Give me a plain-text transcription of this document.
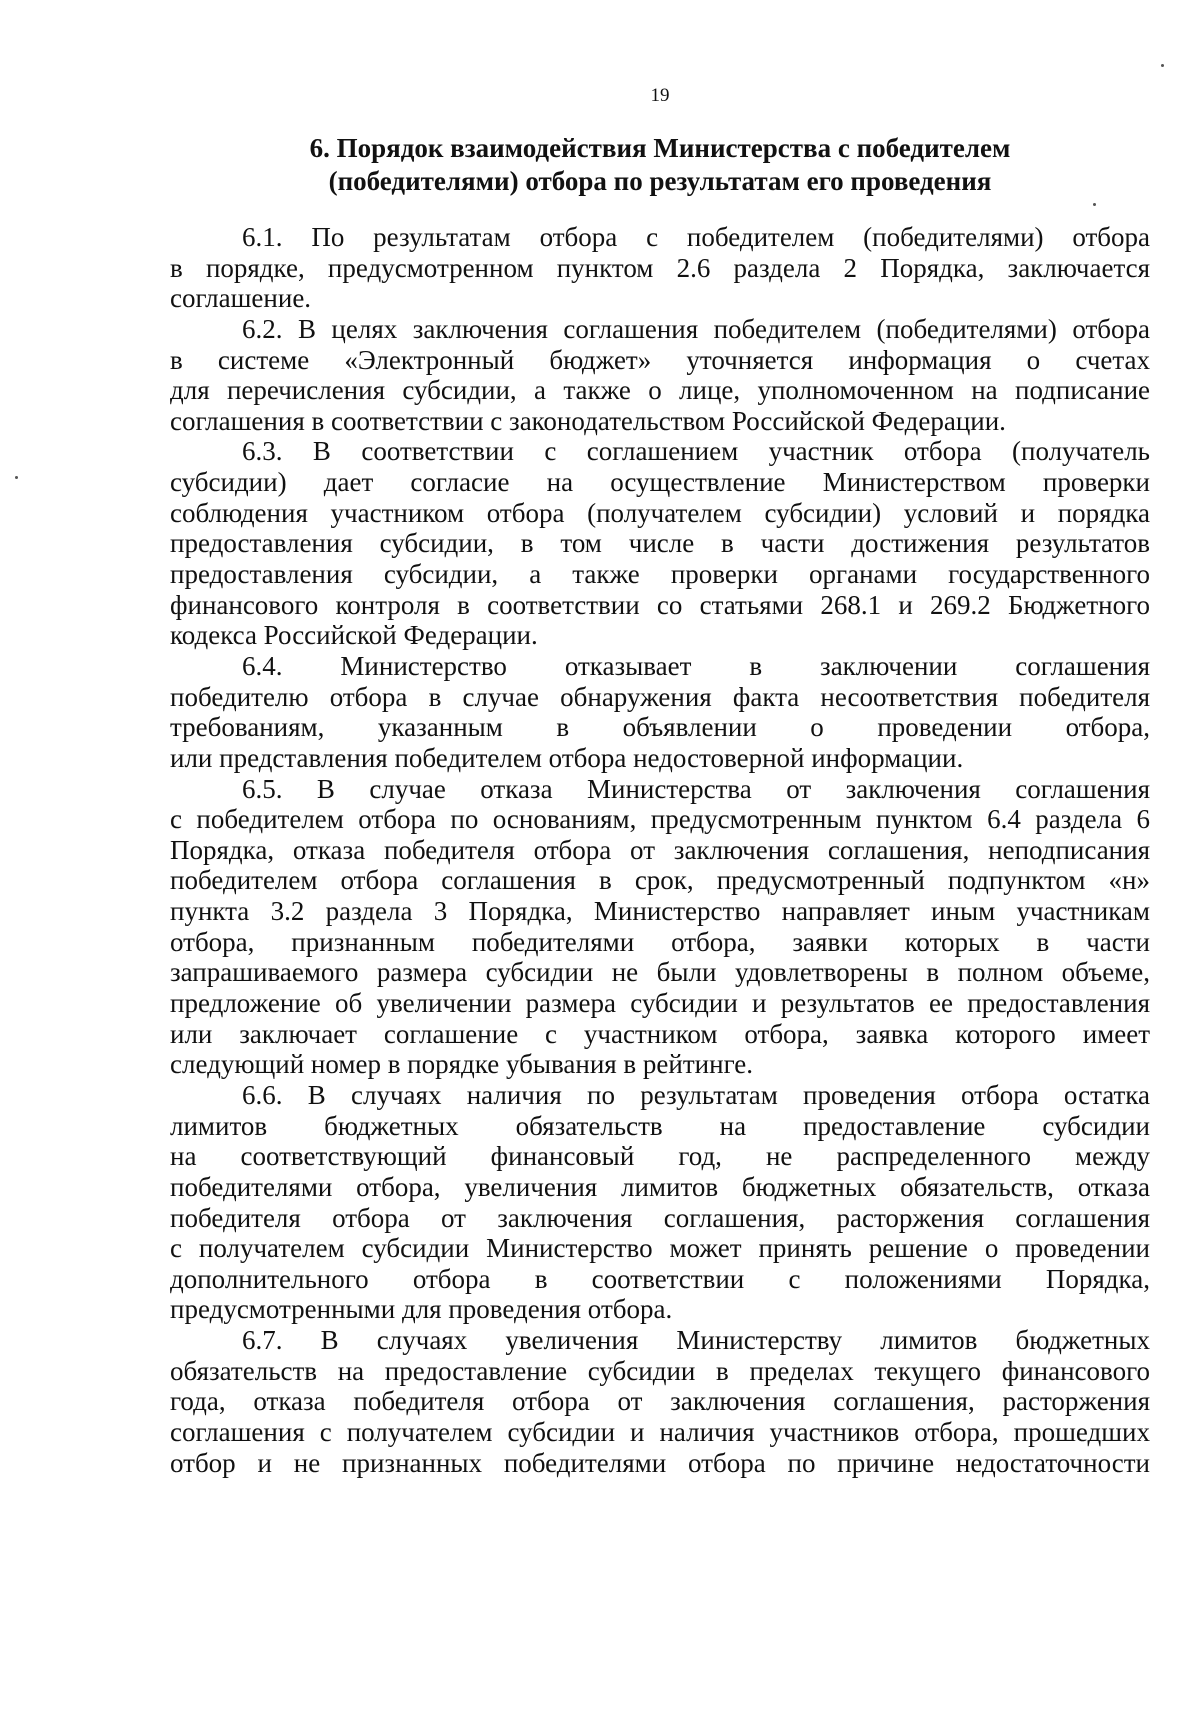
19
6. Порядок взаимодействия Министерства с победителем
(победителями) отбора по результатам его проведения
6.1. По результатам отбора с победителем (победителями) отбора
в порядке, предусмотренном пунктом 2.6 раздела 2 Порядка, заключается
соглашение.
6.2. В целях заключения соглашения победителем (победителями) отбора
в системе «Электронный бюджет» уточняется информация о счетах
для перечисления субсидии, а также о лице, уполномоченном на подписание
соглашения в соответствии с законодательством Российской Федерации.
6.3. В соответствии с соглашением участник отбора (получатель
субсидии) дает согласие на осуществление Министерством проверки
соблюдения участником отбора (получателем субсидии) условий и порядка
предоставления субсидии, в том числе в части достижения результатов
предоставления субсидии, а также проверки органами государственного
финансового контроля в соответствии со статьями 268.1 и 269.2 Бюджетного
кодекса Российской Федерации.
6.4. Министерство отказывает в заключении соглашения
победителю отбора в случае обнаружения факта несоответствия победителя
требованиям, указанным в объявлении о проведении отбора,
или представления победителем отбора недостоверной информации.
6.5. В случае отказа Министерства от заключения соглашения
с победителем отбора по основаниям, предусмотренным пунктом 6.4 раздела 6
Порядка, отказа победителя отбора от заключения соглашения, неподписания
победителем отбора соглашения в срок, предусмотренный подпунктом «н»
пункта 3.2 раздела 3 Порядка, Министерство направляет иным участникам
отбора, признанным победителями отбора, заявки которых в части
запрашиваемого размера субсидии не были удовлетворены в полном объеме,
предложение об увеличении размера субсидии и результатов ее предоставления
или заключает соглашение с участником отбора, заявка которого имеет
следующий номер в порядке убывания в рейтинге.
6.6. В случаях наличия по результатам проведения отбора остатка
лимитов бюджетных обязательств на предоставление субсидии
на соответствующий финансовый год, не распределенного между
победителями отбора, увеличения лимитов бюджетных обязательств, отказа
победителя отбора от заключения соглашения, расторжения соглашения
с получателем субсидии Министерство может принять решение о проведении
дополнительного отбора в соответствии с положениями Порядка,
предусмотренными для проведения отбора.
6.7. В случаях увеличения Министерству лимитов бюджетных
обязательств на предоставление субсидии в пределах текущего финансового
года, отказа победителя отбора от заключения соглашения, расторжения
соглашения с получателем субсидии и наличия участников отбора, прошедших
отбор и не признанных победителями отбора по причине недостаточности
